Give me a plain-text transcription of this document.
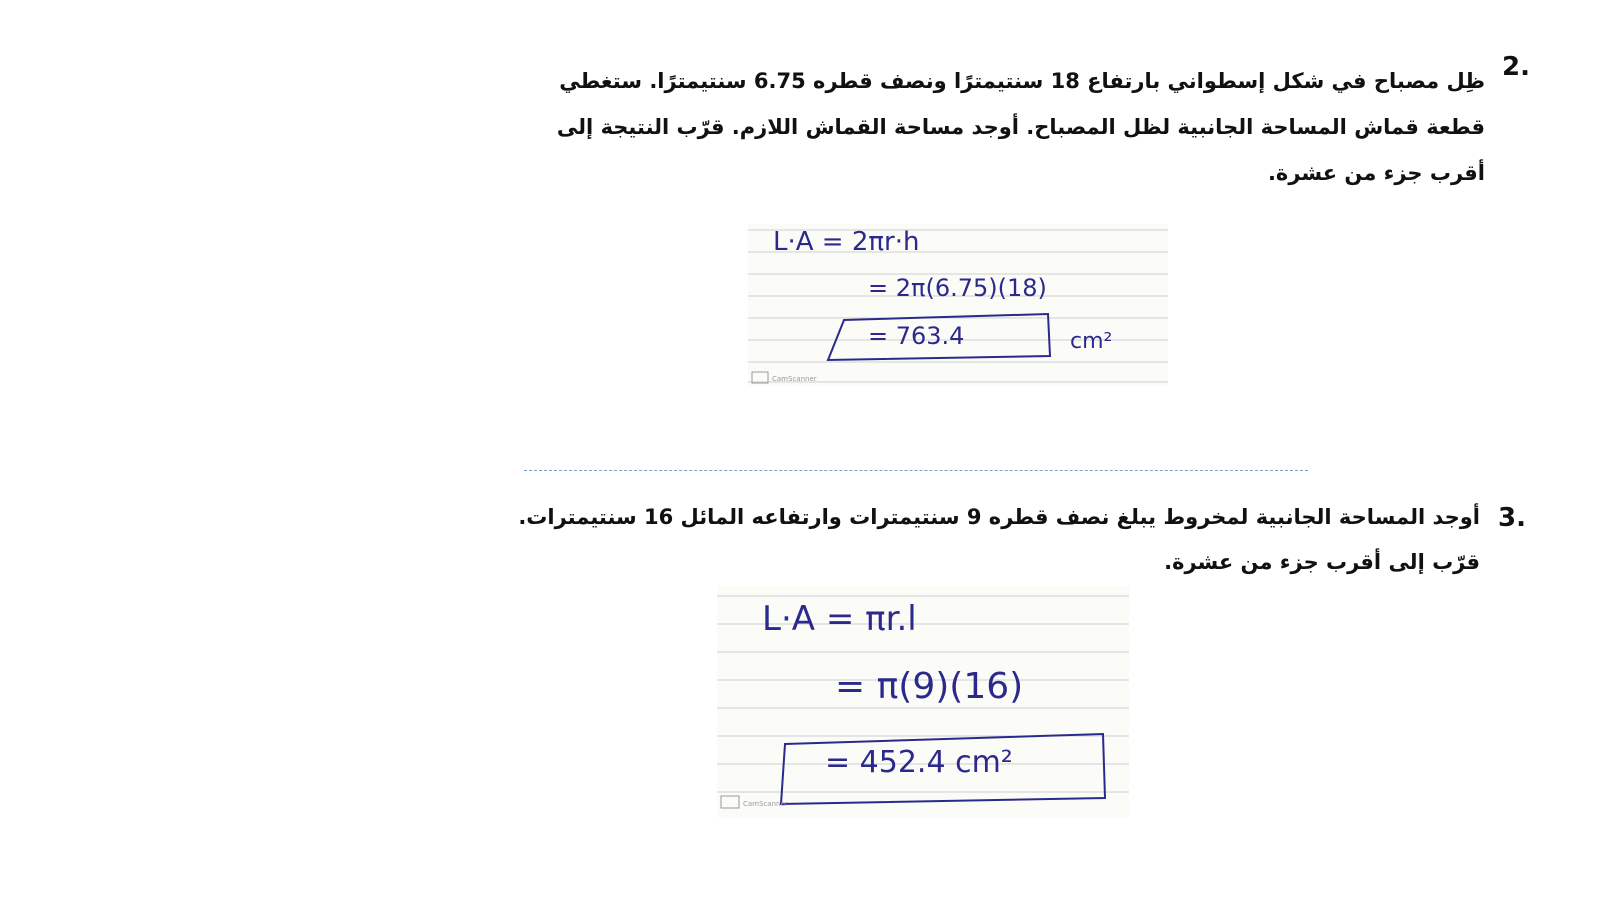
2.
ظِل مصباح في شكل إسطواني بارتفاع 18 سنتيمترًا ونصف قطره 6.75 سنتيمترًا. ستغطي
قطعة قماش المساحة الجانبية لظل المصباح. أوجد مساحة القماش اللازم. قرّب النتيجة إلى
أقرب جزء من عشرة.
L·A = 2πr·h
= 2π(6.75)(18)
= 763.4	cm²
CamScanner
3.
أوجد المساحة الجانبية لمخروط يبلغ نصف قطره 9 سنتيمترات وارتفاعه المائل 16 سنتيمترات.
قرّب إلى أقرب جزء من عشرة.
L·A = πr.l
= π(9)(16)
= 452.4 cm²
CamScanner
